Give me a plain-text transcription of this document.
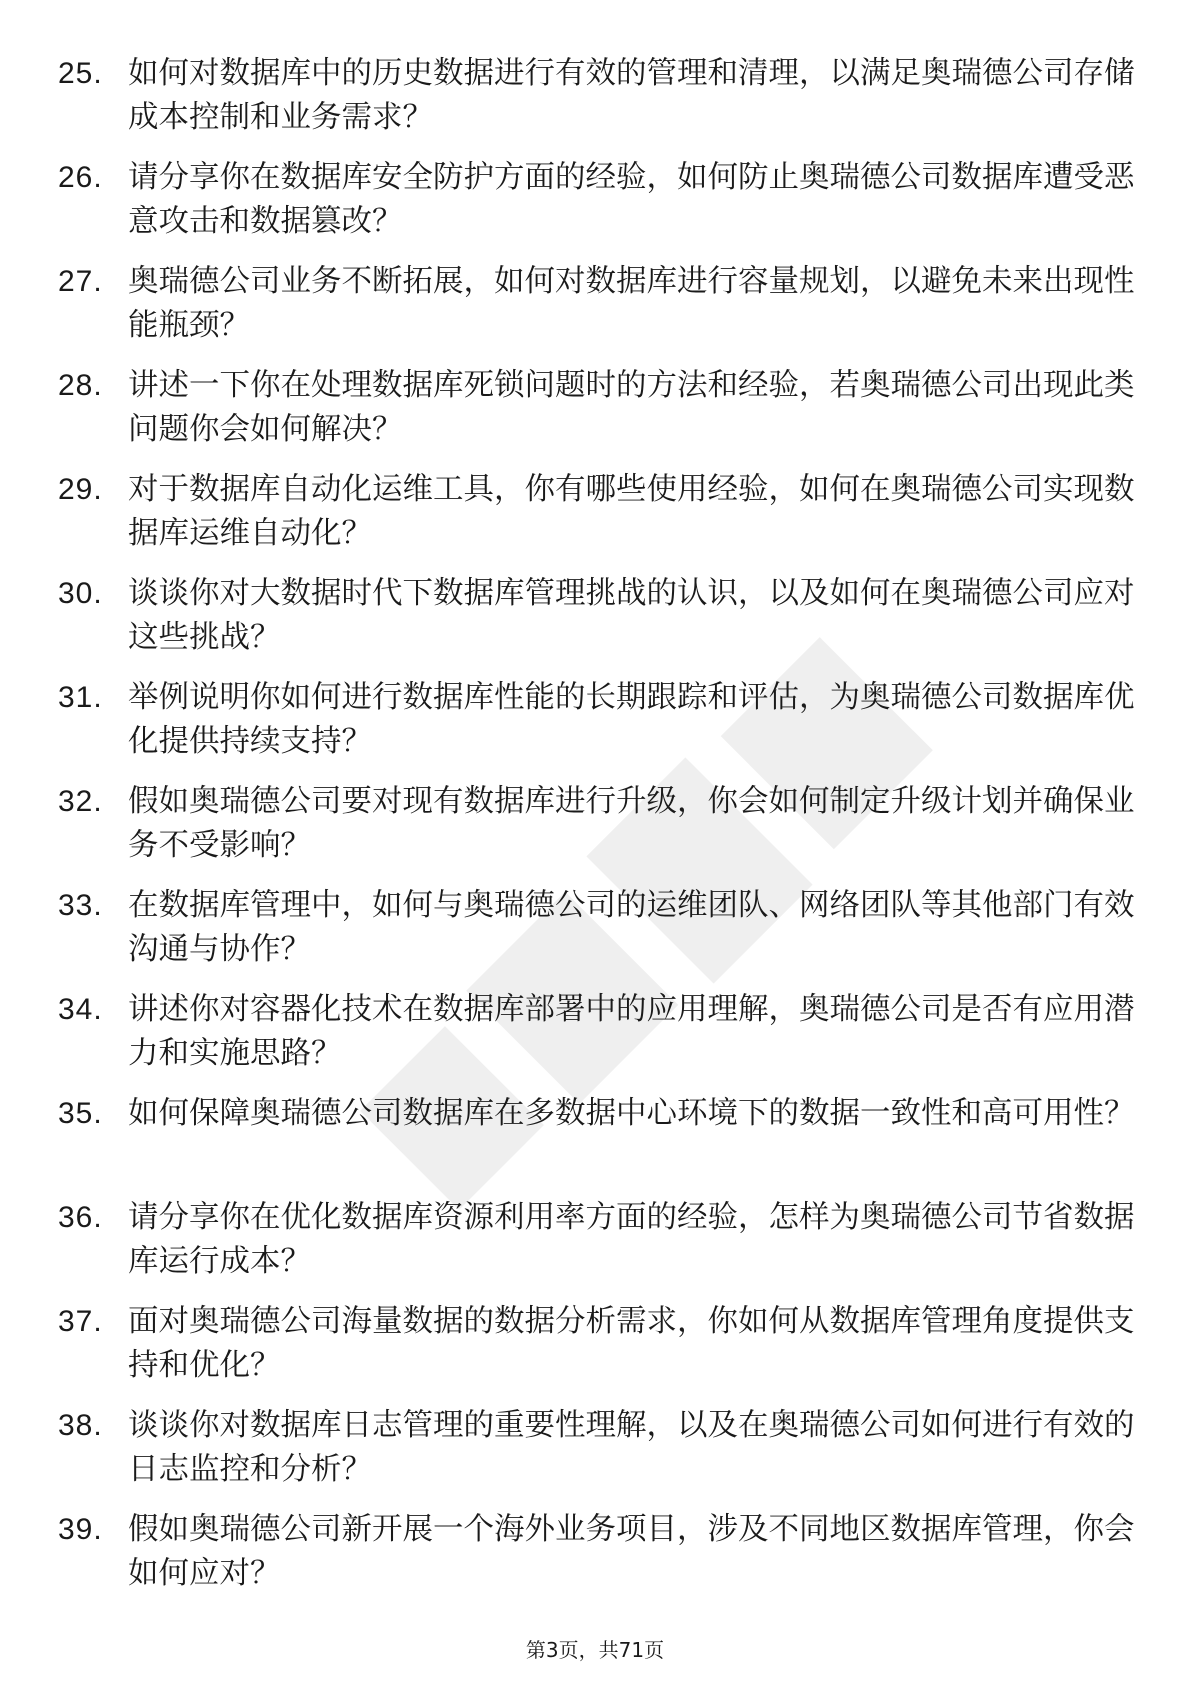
25. 如何对数据库中的历史数据进行有效的管理和清理，以满足奥瑞德公司存储成本控制和业务需求？
26. 请分享你在数据库安全防护方面的经验，如何防止奥瑞德公司数据库遭受恶意攻击和数据篡改？
27. 奥瑞德公司业务不断拓展，如何对数据库进行容量规划，以避免未来出现性能瓶颈？
28. 讲述一下你在处理数据库死锁问题时的方法和经验，若奥瑞德公司出现此类问题你会如何解决？
29. 对于数据库自动化运维工具，你有哪些使用经验，如何在奥瑞德公司实现数据库运维自动化？
30. 谈谈你对大数据时代下数据库管理挑战的认识，以及如何在奥瑞德公司应对这些挑战？
31. 举例说明你如何进行数据库性能的长期跟踪和评估，为奥瑞德公司数据库优化提供持续支持？
32. 假如奥瑞德公司要对现有数据库进行升级，你会如何制定升级计划并确保业务不受影响？
33. 在数据库管理中，如何与奥瑞德公司的运维团队、网络团队等其他部门有效沟通与协作？
34. 讲述你对容器化技术在数据库部署中的应用理解，奥瑞德公司是否有应用潜力和实施思路？
35. 如何保障奥瑞德公司数据库在多数据中心环境下的数据一致性和高可用性？
36. 请分享你在优化数据库资源利用率方面的经验，怎样为奥瑞德公司节省数据库运行成本？
37. 面对奥瑞德公司海量数据的数据分析需求，你如何从数据库管理角度提供支持和优化？
38. 谈谈你对数据库日志管理的重要性理解，以及在奥瑞德公司如何进行有效的日志监控和分析？
39. 假如奥瑞德公司新开展一个海外业务项目，涉及不同地区数据库管理，你会如何应对？
第3页，共71页
